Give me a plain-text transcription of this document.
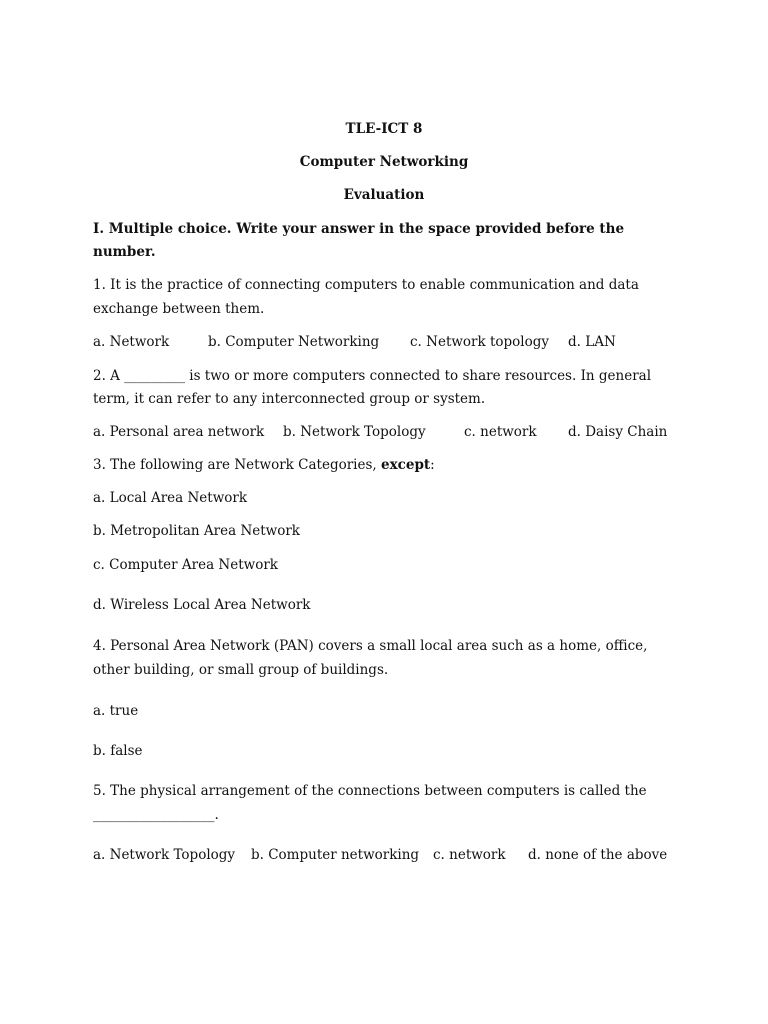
TLE-ICT 8
Computer Networking
Evaluation
I. Multiple choice. Write your answer in the space provided before the
number.
1. It is the practice of connecting computers to enable communication and data
exchange between them.
a. Network	b. Computer Networking c. Network topology d. LAN
2. A _________ is two or more computers connected to share resources. In general
term, it can refer to any interconnected group or system.
a. Personal area network b. Network Topology	c. network d. Daisy Chain
3. The following are Network Categories, except:
a. Local Area Network
b. Metropolitan Area Network
c. Computer Area Network
d. Wireless Local Area Network
4. Personal Area Network (PAN) covers a small local area such as a home, office,
other building, or small group of buildings.
a. true
b. false
5. The physical arrangement of the connections between computers is called the
__________________.
a. Network Topology b. Computer networking c. network d. none of the above
